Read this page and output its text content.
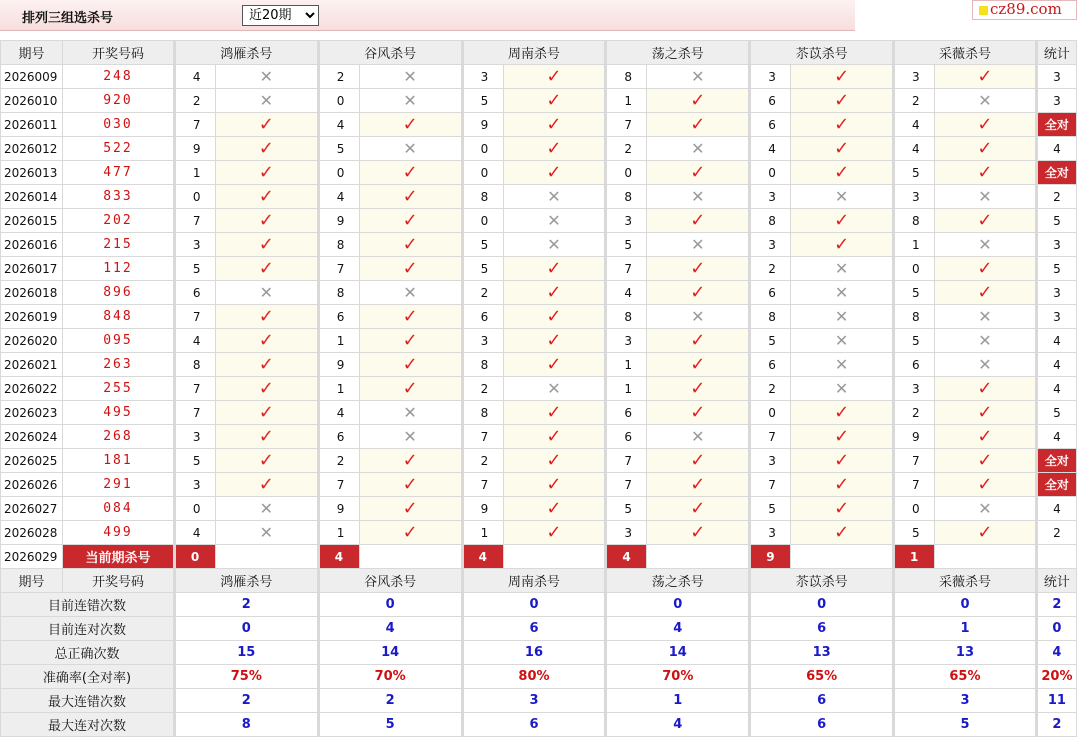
排列三组选杀号
近20期
cz89.com
期号	开奖号码	鸿雁杀号		谷风杀号		周南杀号		荡之杀号		苶苡杀号		采薇杀号		统计
2026009	248	4	✕	2	✕	3	✓	8	✕	3	✓	3	✓	3
2026010	920	2	✕	0	✕	5	✓	1	✓	6	✓	2	✕	3
2026011	030	7	✓	4	✓	9	✓	7	✓	6	✓	4	✓	全对
2026012	522	9	✓	5	✕	0	✓	2	✕	4	✓	4	✓	4
2026013	477	1	✓	0	✓	0	✓	0	✓	0	✓	5	✓	全对
2026014	833	0	✓	4	✓	8	✕	8	✕	3	✕	3	✕	2
2026015	202	7	✓	9	✓	0	✕	3	✓	8	✓	8	✓	5
2026016	215	3	✓	8	✓	5	✕	5	✕	3	✓	1	✕	3
2026017	112	5	✓	7	✓	5	✓	7	✓	2	✕	0	✓	5
2026018	896	6	✕	8	✕	2	✓	4	✓	6	✕	5	✓	3
2026019	848	7	✓	6	✓	6	✓	8	✕	8	✕	8	✕	3
2026020	095	4	✓	1	✓	3	✓	3	✓	5	✕	5	✕	4
2026021	263	8	✓	9	✓	8	✓	1	✓	6	✕	6	✕	4
2026022	255	7	✓	1	✓	2	✕	1	✓	2	✕	3	✓	4
2026023	495	7	✓	4	✕	8	✓	6	✓	0	✓	2	✓	5
2026024	268	3	✓	6	✕	7	✓	6	✕	7	✓	9	✓	4
2026025	181	5	✓	2	✓	2	✓	7	✓	3	✓	7	✓	全对
2026026	291	3	✓	7	✓	7	✓	7	✓	7	✓	7	✓	全对
2026027	084	0	✕	9	✓	9	✓	5	✓	5	✓	0	✕	4
2026028	499	4	✕	1	✓	1	✓	3	✓	3	✓	5	✓	2
2026029	当前期杀号	0		4		4		4		9		1		
期号	开奖号码	鸿雁杀号		谷风杀号		周南杀号		荡之杀号		苶苡杀号		采薇杀号		统计
目前连错次数		2		0		0		0		0		0		2
目前连对次数		0		4		6		4		6		1		0
总正确次数		15		14		16		14		13		13		4
准确率(全对率)		75%		70%		80%		70%		65%		65%		20%
最大连错次数		2		2		3		1		6		3		11
最大连对次数		8		5		6		4		6		5		2
